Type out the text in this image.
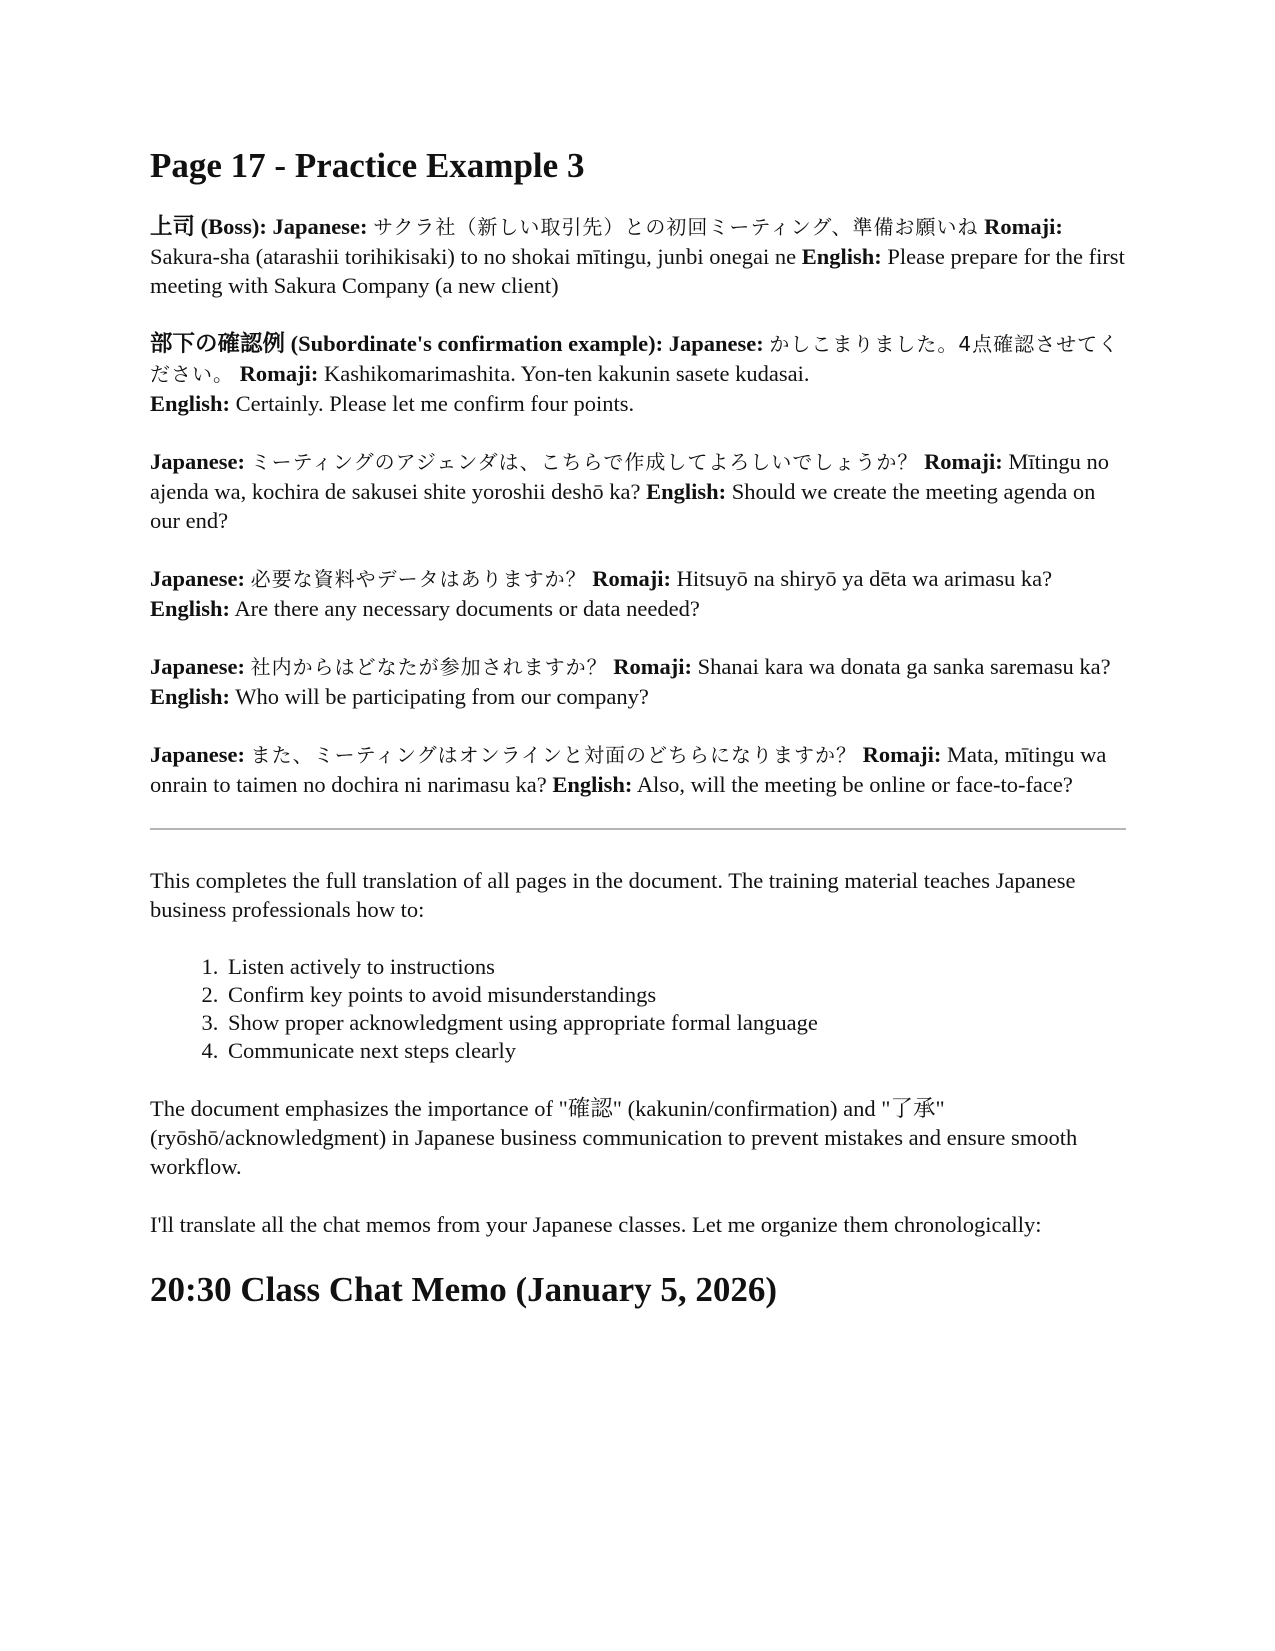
Page 17 - Practice Example 3

上司 (Boss): Japanese: サクラ社（新しい取引先）との初回ミーティング、準備お願いね Romaji: Sakura-sha (atarashii torihikisaki) to no shokai mītingu, junbi onegai ne English: Please prepare for the first meeting with Sakura Company (a new client)

部下の確認例 (Subordinate's confirmation example): Japanese: かしこまりました。4点確認させてください。 Romaji: Kashikomarimashita. Yon-ten kakunin sasete kudasai.
English: Certainly. Please let me confirm four points.

Japanese: ミーティングのアジェンダは、こちらで作成してよろしいでしょうか？ Romaji: Mītingu no ajenda wa, kochira de sakusei shite yoroshii deshō ka? English: Should we create the meeting agenda on our end?

Japanese: 必要な資料やデータはありますか？ Romaji: Hitsuyō na shiryō ya dēta wa arimasu ka? English: Are there any necessary documents or data needed?

Japanese: 社内からはどなたが参加されますか？ Romaji: Shanai kara wa donata ga sanka saremasu ka? English: Who will be participating from our company?

Japanese: また、ミーティングはオンラインと対面のどちらになりますか？ Romaji: Mata, mītingu wa onrain to taimen no dochira ni narimasu ka? English: Also, will the meeting be online or face-to-face?

This completes the full translation of all pages in the document. The training material teaches Japanese business professionals how to:

1. Listen actively to instructions
2. Confirm key points to avoid misunderstandings
3. Show proper acknowledgment using appropriate formal language
4. Communicate next steps clearly

The document emphasizes the importance of "確認" (kakunin/confirmation) and "了承" (ryōshō/acknowledgment) in Japanese business communication to prevent mistakes and ensure smooth workflow.

I'll translate all the chat memos from your Japanese classes. Let me organize them chronologically:

20:30 Class Chat Memo (January 5, 2026)
